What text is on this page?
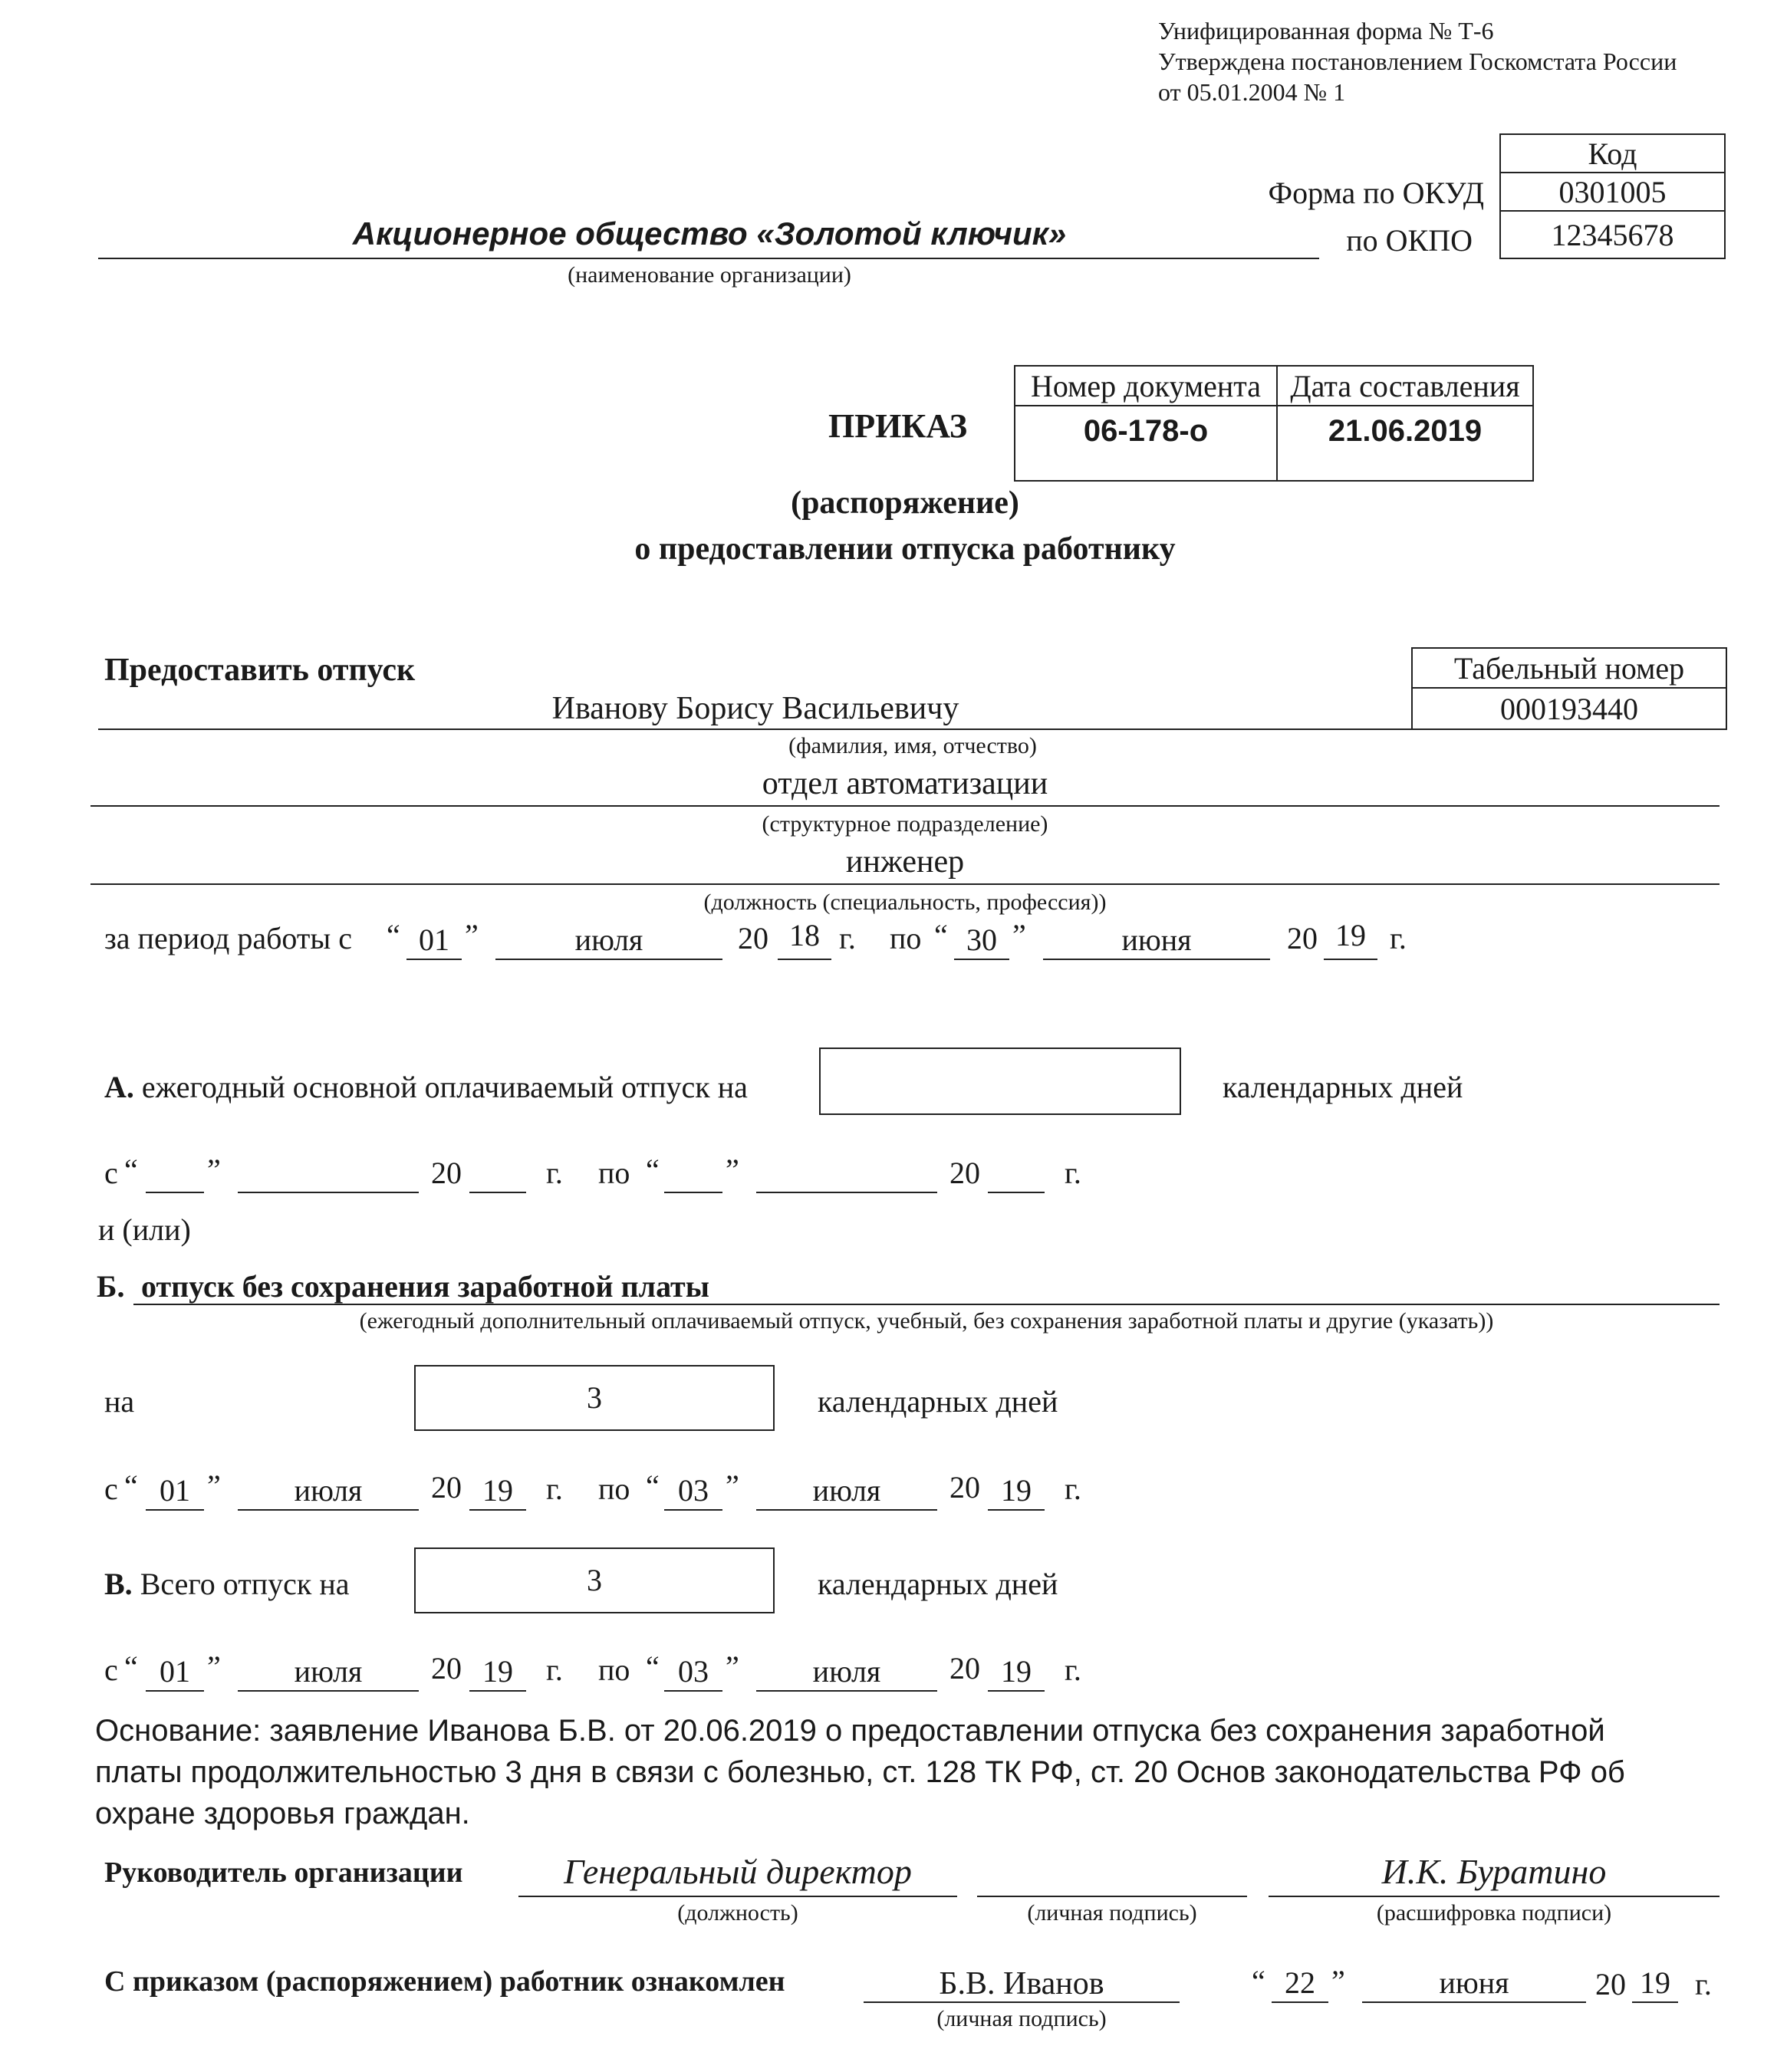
Унифицированная форма № Т-6
Утверждена постановлением Госкомстата России
от 05.01.2004 № 1
Код
Форма по ОКУД	0301005
по ОКПО	12345678
Акционерное общество «Золотой ключик»
(наименование организации)
ПРИКАЗ
Номер документа Дата составления
06-178-о	21.06.2019
(распоряжение)
о предоставлении отпуска работнику
Предоставить отпуск	Табельный номер
000193440
Иванову Борису Васильевичу
(фамилия, имя, отчество)
отдел автоматизации
(структурное подразделение)
инженер
(должность (специальность, профессия))
за период работы с “ 01 ”	июля	20 18 г. по “ 30 ”	июня	20 19 г.
А. ежегодный основной оплачиваемый отпуск на	календарных дней
с “ ”	20	г. по “ ”	20	г.
и (или)
Б. отпуск без сохранения заработной платы
(ежегодный дополнительный оплачиваемый отпуск, учебный, без сохранения заработной платы и другие (указать))
на	3	календарных дней
с “ 01 ”	июля	20 19	г. по “ 03 ”	июля	20 19	г.
В. Всего отпуск на	3	календарных дней
с “ 01 ”	июля	20 19	г. по “ 03 ”	июля	20 19	г.
Основание: заявление Иванова Б.В. от 20.06.2019 о предоставлении отпуска без сохранения заработной
платы продолжительностью 3 дня в связи с болезнью, ст. 128 ТК РФ, ст. 20 Основ законодательства РФ об
охране здоровья граждан.
Руководитель организации	Генеральный директор
(должность)	(личная подпись)
И.К. Буратино
(расшифровка подписи)
С приказом (распоряжением) работник ознакомлен	Б.В. Иванов
(личная подпись)
“ 22 ”	июня	20 19 г.
